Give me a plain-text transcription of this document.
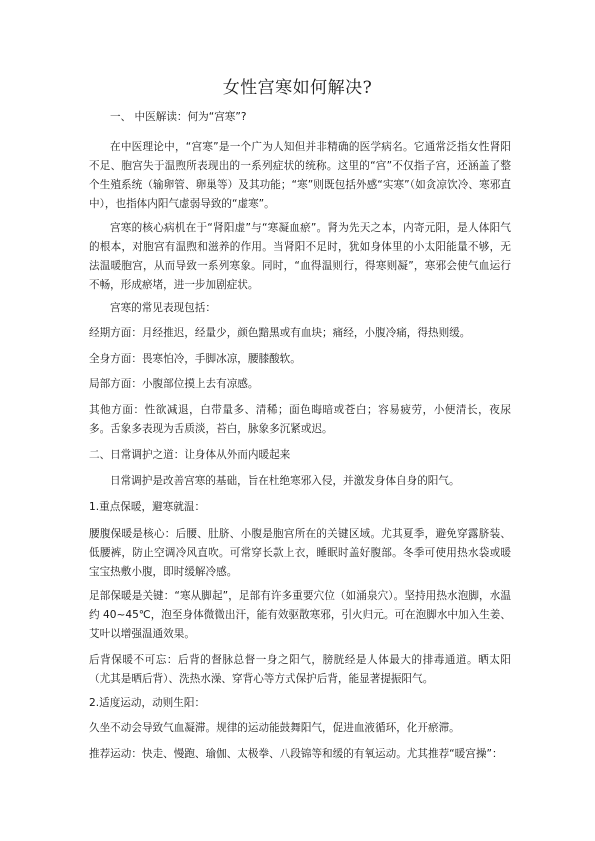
女性宫寒如何解决?

一、 中医解读：何为“宫寒”?

在中医理论中，“宫寒”是一个广为人知但并非精确的医学病名。它通常泛指女性肾阳不足、胞宫失于温煦所表现出的一系列症状的统称。这里的“宫”不仅指子宫，还涵盖了整个生殖系统（输卵管、卵巢等）及其功能；“寒”则既包括外感“实寒”（如贪凉饮冷、寒邪直中），也指体内阳气虚弱导致的“虚寒”。

宫寒的核心病机在于“肾阳虚”与“寒凝血瘀”。肾为先天之本，内寄元阳，是人体阳气的根本，对胞宫有温煦和滋养的作用。当肾阳不足时，犹如身体里的小太阳能量不够，无法温暖胞宫，从而导致一系列寒象。同时，“血得温则行，得寒则凝”，寒邪会使气血运行不畅，形成瘀堵，进一步加剧症状。

宫寒的常见表现包括：

经期方面：月经推迟，经量少，颜色黯黑或有血块；痛经，小腹冷痛，得热则缓。

全身方面：畏寒怕冷，手脚冰凉，腰膝酸软。

局部方面：小腹部位摸上去有凉感。

其他方面：性欲减退，白带量多、清稀；面色晦暗或苍白；容易疲劳，小便清长，夜尿多。舌象多表现为舌质淡，苔白，脉象多沉紧或迟。

二、日常调护之道：让身体从外而内暖起来

日常调护是改善宫寒的基础，旨在杜绝寒邪入侵，并激发身体自身的阳气。

1.重点保暖，避寒就温：

腰腹保暖是核心：后腰、肚脐、小腹是胞宫所在的关键区域。尤其夏季，避免穿露脐装、低腰裤，防止空调冷风直吹。可常穿长款上衣，睡眠时盖好腹部。冬季可使用热水袋或暖宝宝热敷小腹，即时缓解冷感。

足部保暖是关键：“寒从脚起”，足部有许多重要穴位（如涌泉穴）。坚持用热水泡脚，水温约 40~45℃，泡至身体微微出汗，能有效驱散寒邪，引火归元。可在泡脚水中加入生姜、艾叶以增强温通效果。

后背保暖不可忘：后背的督脉总督一身之阳气，膀胱经是人体最大的排毒通道。晒太阳（尤其是晒后背）、洗热水澡、穿背心等方式保护后背，能显著提振阳气。

2.适度运动，动则生阳：

久坐不动会导致气血凝滞。规律的运动能鼓舞阳气，促进血液循环，化开瘀滞。

推荐运动：快走、慢跑、瑜伽、太极拳、八段锦等和缓的有氧运动。尤其推荐“暖宫操”：
